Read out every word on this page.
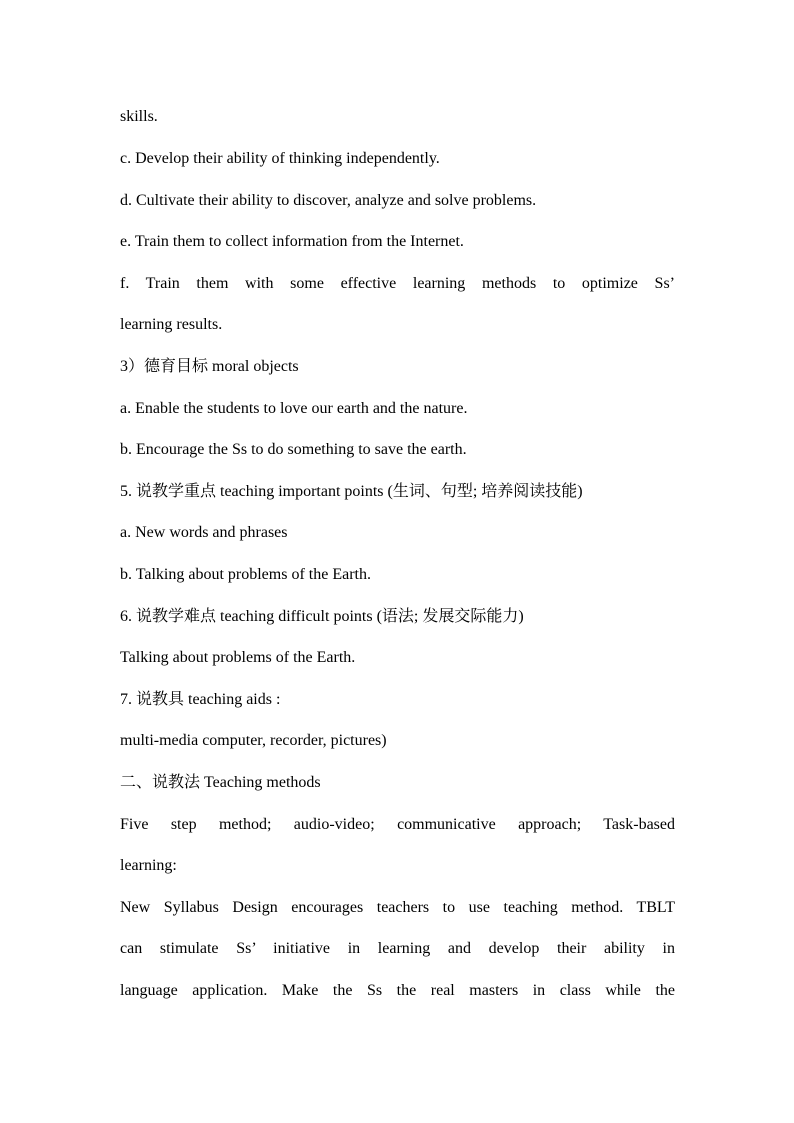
skills.
c. Develop their ability of thinking independently.
d. Cultivate their ability to discover, analyze and solve problems.
e. Train them to collect information from the Internet.
f. Train them with some effective learning methods to optimize Ss’
learning results.
3）德育目标 moral objects
a. Enable the students to love our earth and the nature.
b. Encourage the Ss to do something to save the earth.
5. 说教学重点 teaching important points (生词、句型; 培养阅读技能)
a. New words and phrases
b. Talking about problems of the Earth.
6. 说教学难点 teaching difficult points (语法; 发展交际能力)
Talking about problems of the Earth.
7. 说教具 teaching aids :
multi-media computer, recorder, pictures)
二、说教法 Teaching methods
Five step method; audio-video; communicative approach; Task-based
learning:
New Syllabus Design encourages teachers to use teaching method. TBLT
can stimulate Ss’ initiative in learning and develop their ability in
language application. Make the Ss the real masters in class while the
